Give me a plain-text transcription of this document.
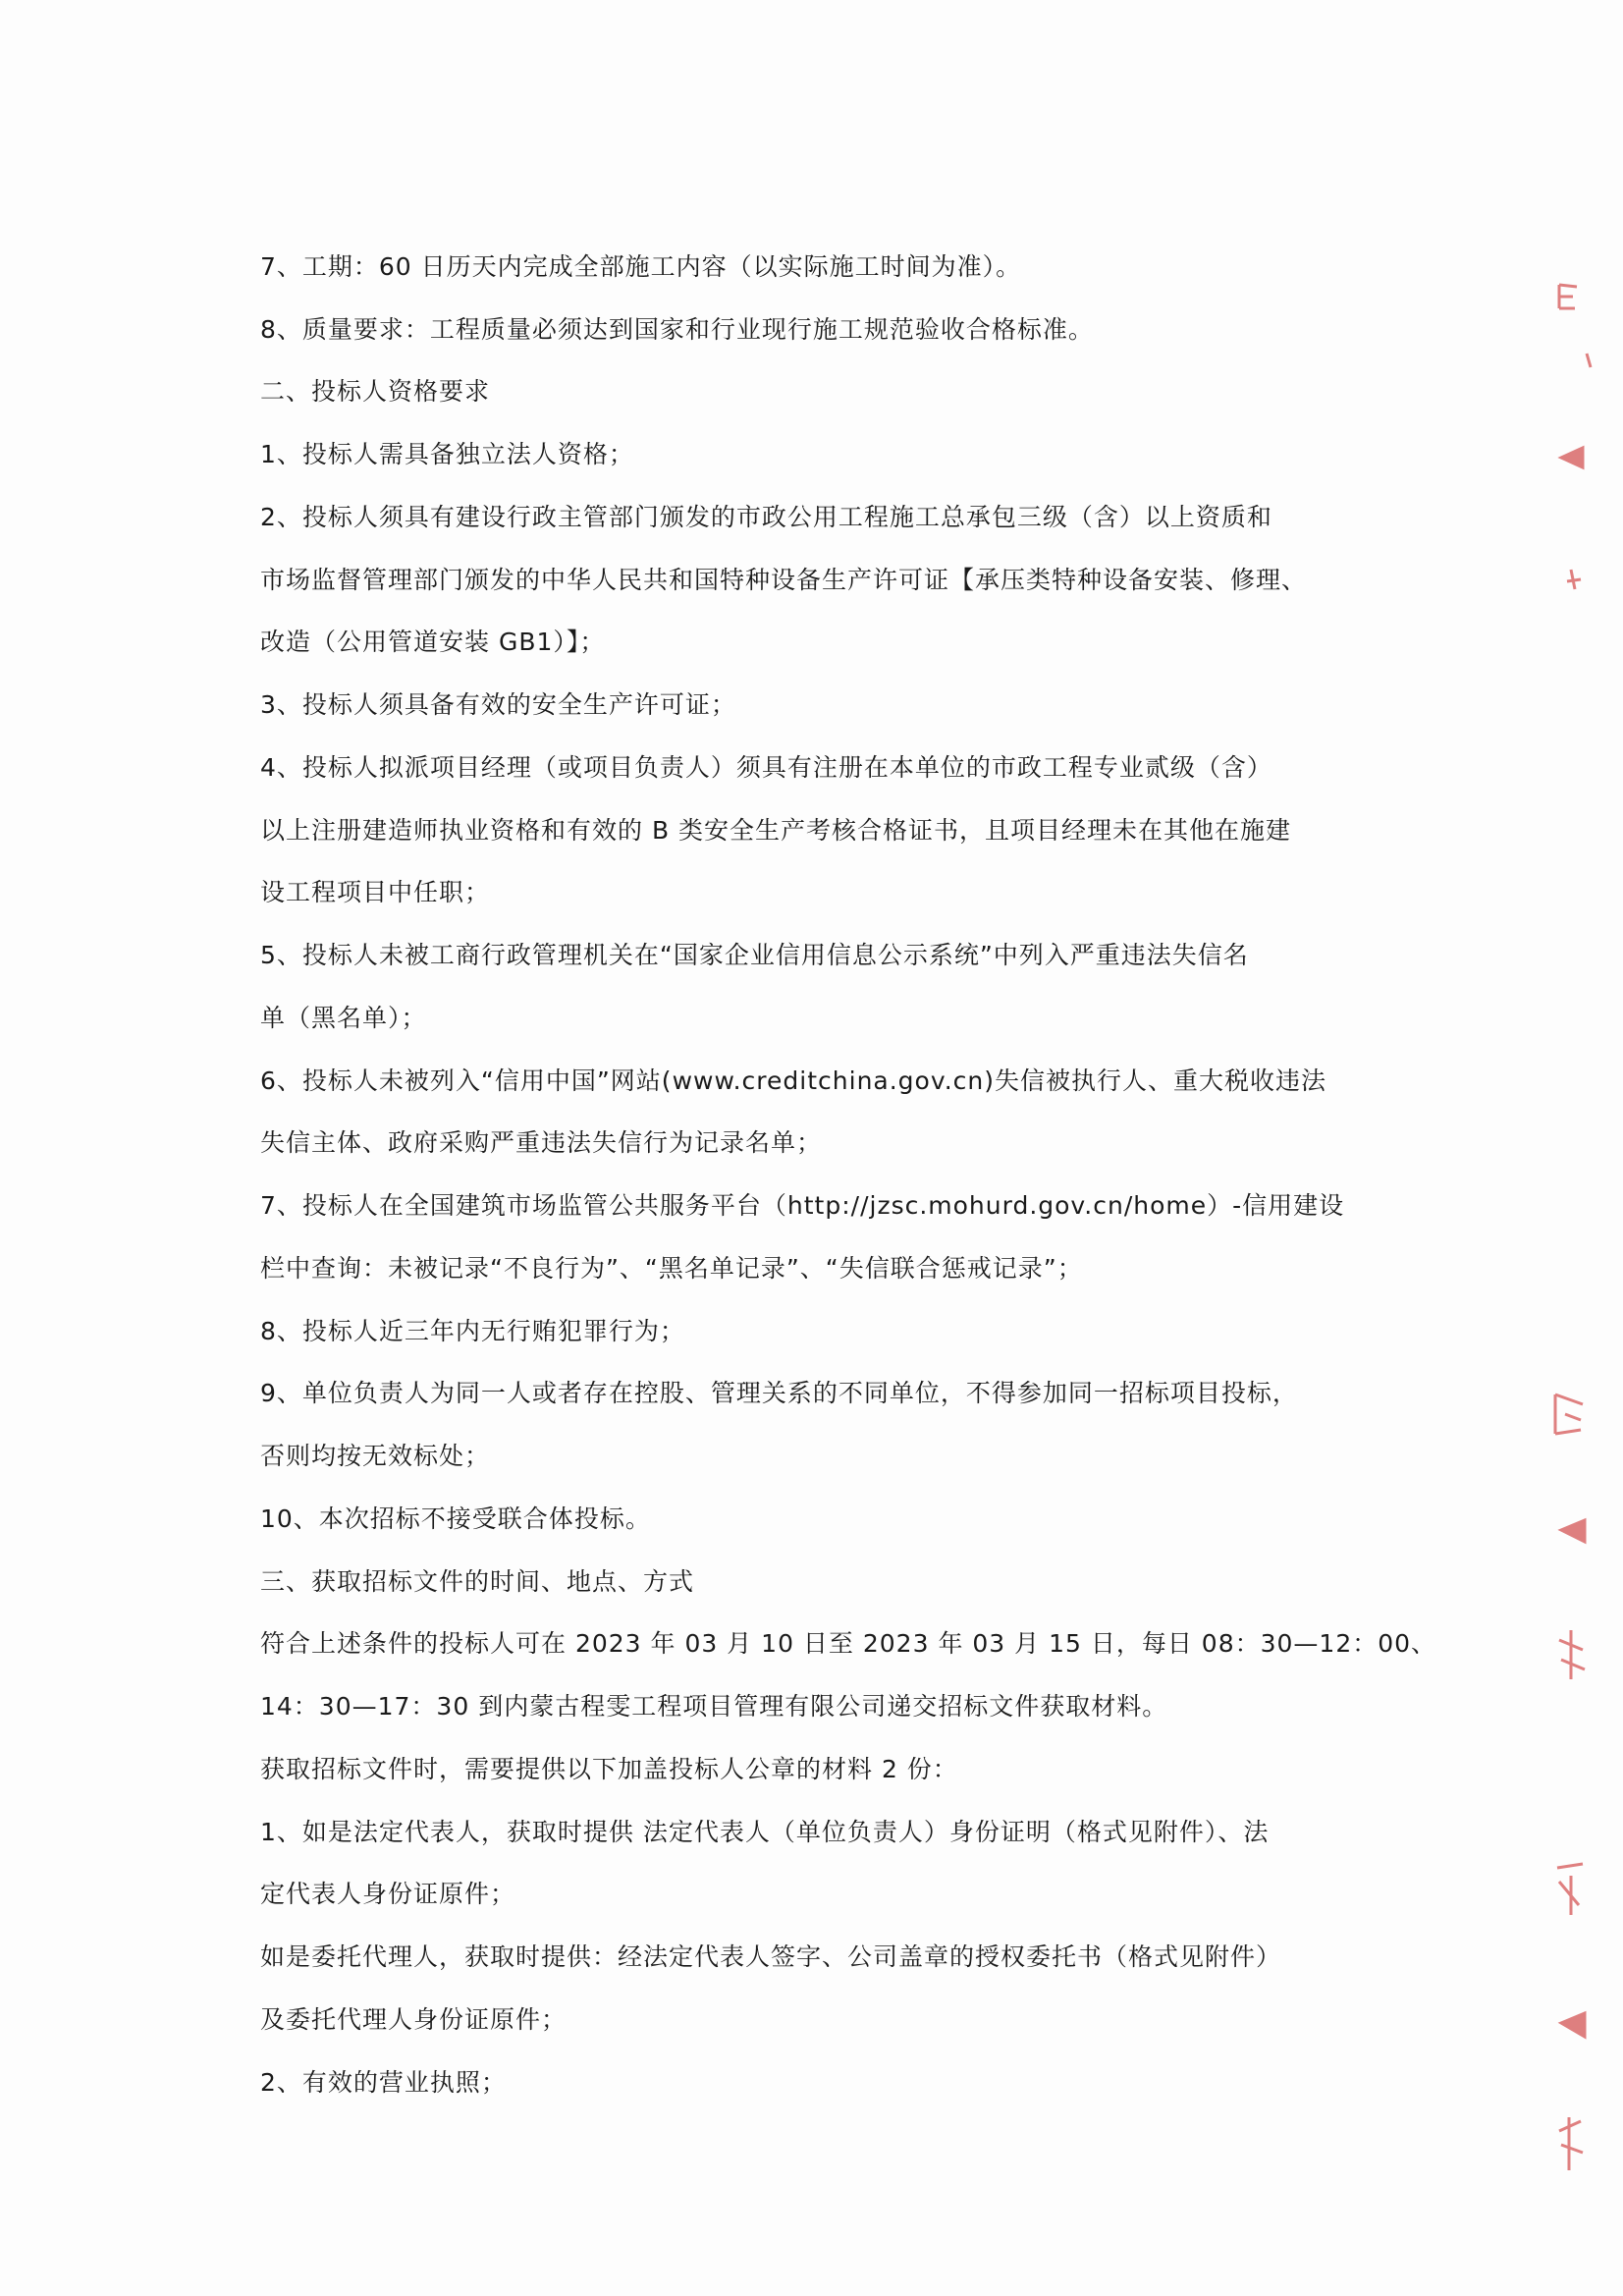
7、工期：60 日历天内完成全部施工内容（以实际施工时间为准）。
8、质量要求：工程质量必须达到国家和行业现行施工规范验收合格标准。
二、投标人资格要求
1、投标人需具备独立法人资格；
2、投标人须具有建设行政主管部门颁发的市政公用工程施工总承包三级（含）以上资质和
市场监督管理部门颁发的中华人民共和国特种设备生产许可证【承压类特种设备安装、修理、
改造（公用管道安装 GB1）】；
3、投标人须具备有效的安全生产许可证；
4、投标人拟派项目经理（或项目负责人）须具有注册在本单位的市政工程专业贰级（含）
以上注册建造师执业资格和有效的 B 类安全生产考核合格证书，且项目经理未在其他在施建
设工程项目中任职；
5、投标人未被工商行政管理机关在“国家企业信用信息公示系统”中列入严重违法失信名
单（黑名单）；
6、投标人未被列入“信用中国”网站(www.creditchina.gov.cn)失信被执行人、重大税收违法
失信主体、政府采购严重违法失信行为记录名单；
7、投标人在全国建筑市场监管公共服务平台（http://jzsc.mohurd.gov.cn/home）-信用建设
栏中查询：未被记录“不良行为”、“黑名单记录”、“失信联合惩戒记录”；
8、投标人近三年内无行贿犯罪行为；
9、单位负责人为同一人或者存在控股、管理关系的不同单位，不得参加同一招标项目投标，
否则均按无效标处；
10、本次招标不接受联合体投标。
三、获取招标文件的时间、地点、方式
符合上述条件的投标人可在 2023 年 03 月 10 日至 2023 年 03 月 15 日，每日 08：30—12：00、
14：30—17：30 到内蒙古程雯工程项目管理有限公司递交招标文件获取材料。
获取招标文件时，需要提供以下加盖投标人公章的材料 2 份：
1、如是法定代表人，获取时提供 法定代表人（单位负责人）身份证明（格式见附件）、法
定代表人身份证原件；
如是委托代理人，获取时提供：经法定代表人签字、公司盖章的授权委托书（格式见附件）
及委托代理人身份证原件；
2、有效的营业执照；
